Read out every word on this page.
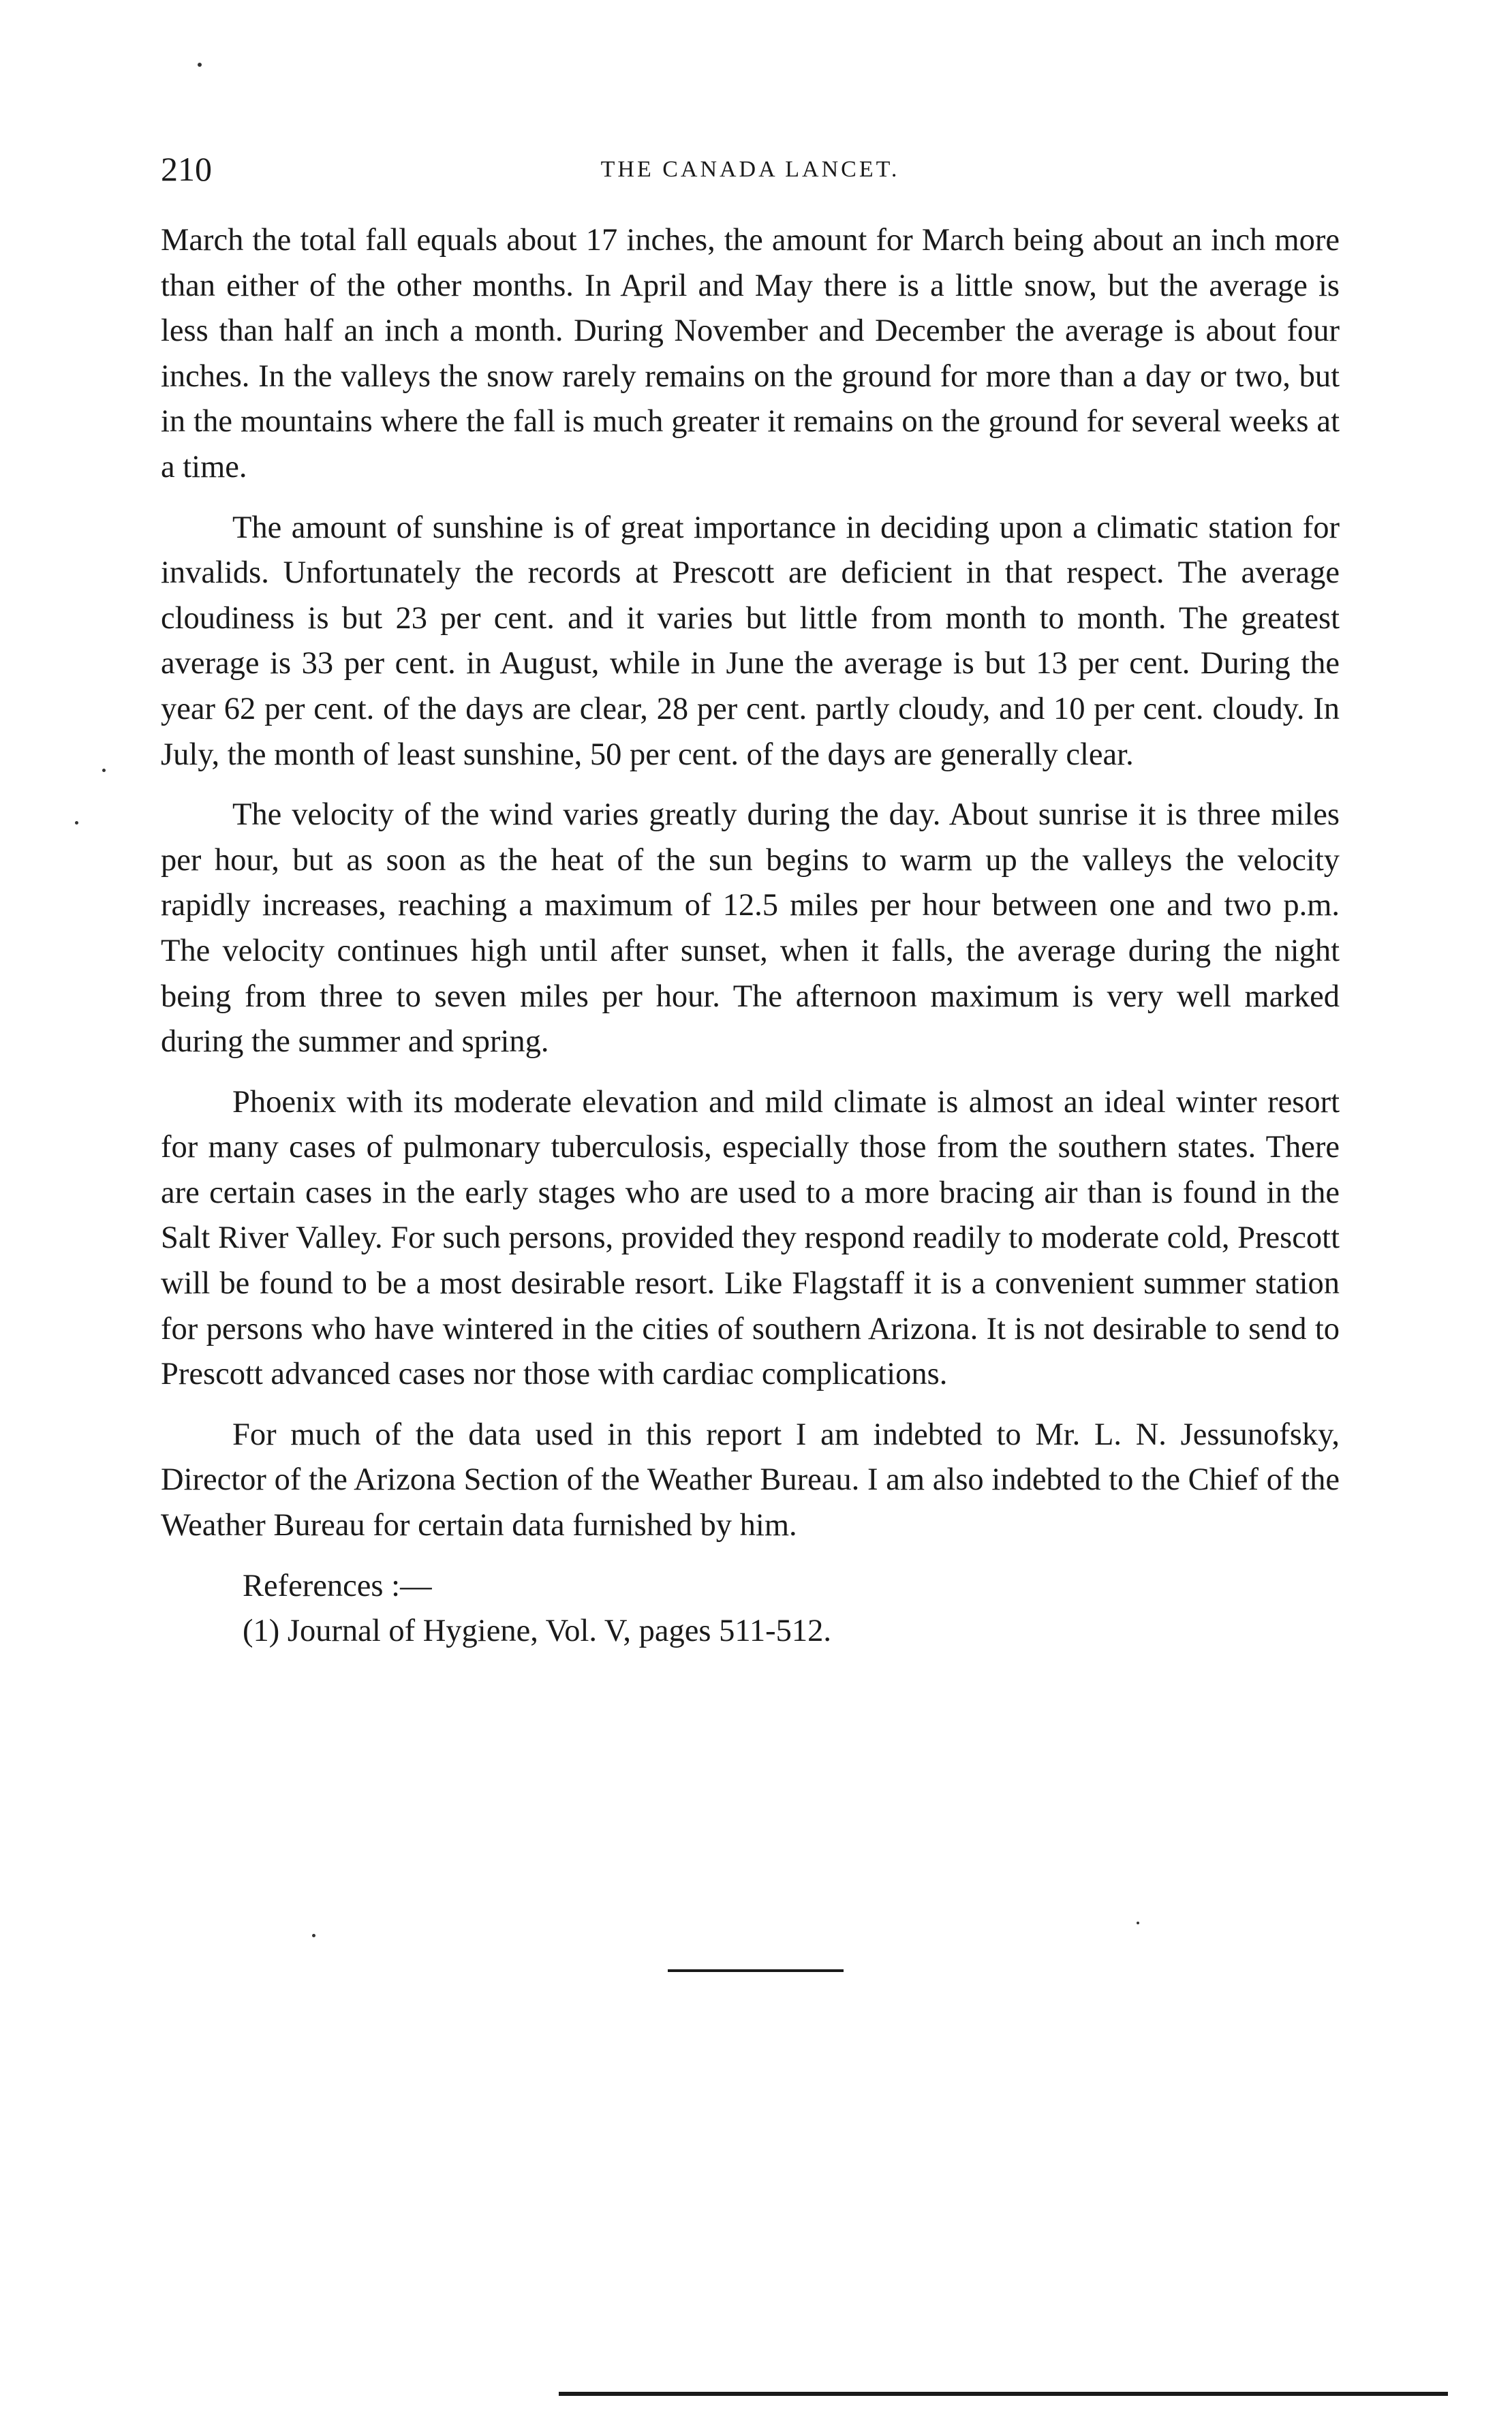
210	THE CANADA LANCET.

March the total fall equals about 17 inches, the amount for March being about an inch more than either of the other months. In April and May there is a little snow, but the average is less than half an inch a month. During November and December the average is about four inches. In the valleys the snow rarely remains on the ground for more than a day or two, but in the mountains where the fall is much greater it remains on the ground for several weeks at a time.

The amount of sunshine is of great importance in deciding upon a climatic station for invalids. Unfortunately the records at Prescott are deficient in that respect. The average cloudiness is but 23 per cent. and it varies but little from month to month. The greatest average is 33 per cent. in August, while in June the average is but 13 per cent. During the year 62 per cent. of the days are clear, 28 per cent. partly cloudy, and 10 per cent. cloudy. In July, the month of least sunshine, 50 per cent. of the days are generally clear.

The velocity of the wind varies greatly during the day. About sunrise it is three miles per hour, but as soon as the heat of the sun begins to warm up the valleys the velocity rapidly increases, reaching a maximum of 12.5 miles per hour between one and two p.m. The velocity continues high until after sunset, when it falls, the average during the night being from three to seven miles per hour. The afternoon maximum is very well marked during the summer and spring.

Phoenix with its moderate elevation and mild climate is almost an ideal winter resort for many cases of pulmonary tuberculosis, especially those from the southern states. There are certain cases in the early stages who are used to a more bracing air than is found in the Salt River Valley. For such persons, provided they respond readily to moderate cold, Prescott will be found to be a most desirable resort. Like Flagstaff it is a convenient summer station for persons who have wintered in the cities of southern Arizona. It is not desirable to send to Prescott advanced cases nor those with cardiac complications.

For much of the data used in this report I am indebted to Mr. L. N. Jessunofsky, Director of the Arizona Section of the Weather Bureau. I am also indebted to the Chief of the Weather Bureau for certain data furnished by him.

References :—
(1) Journal of Hygiene, Vol. V, pages 511-512.
